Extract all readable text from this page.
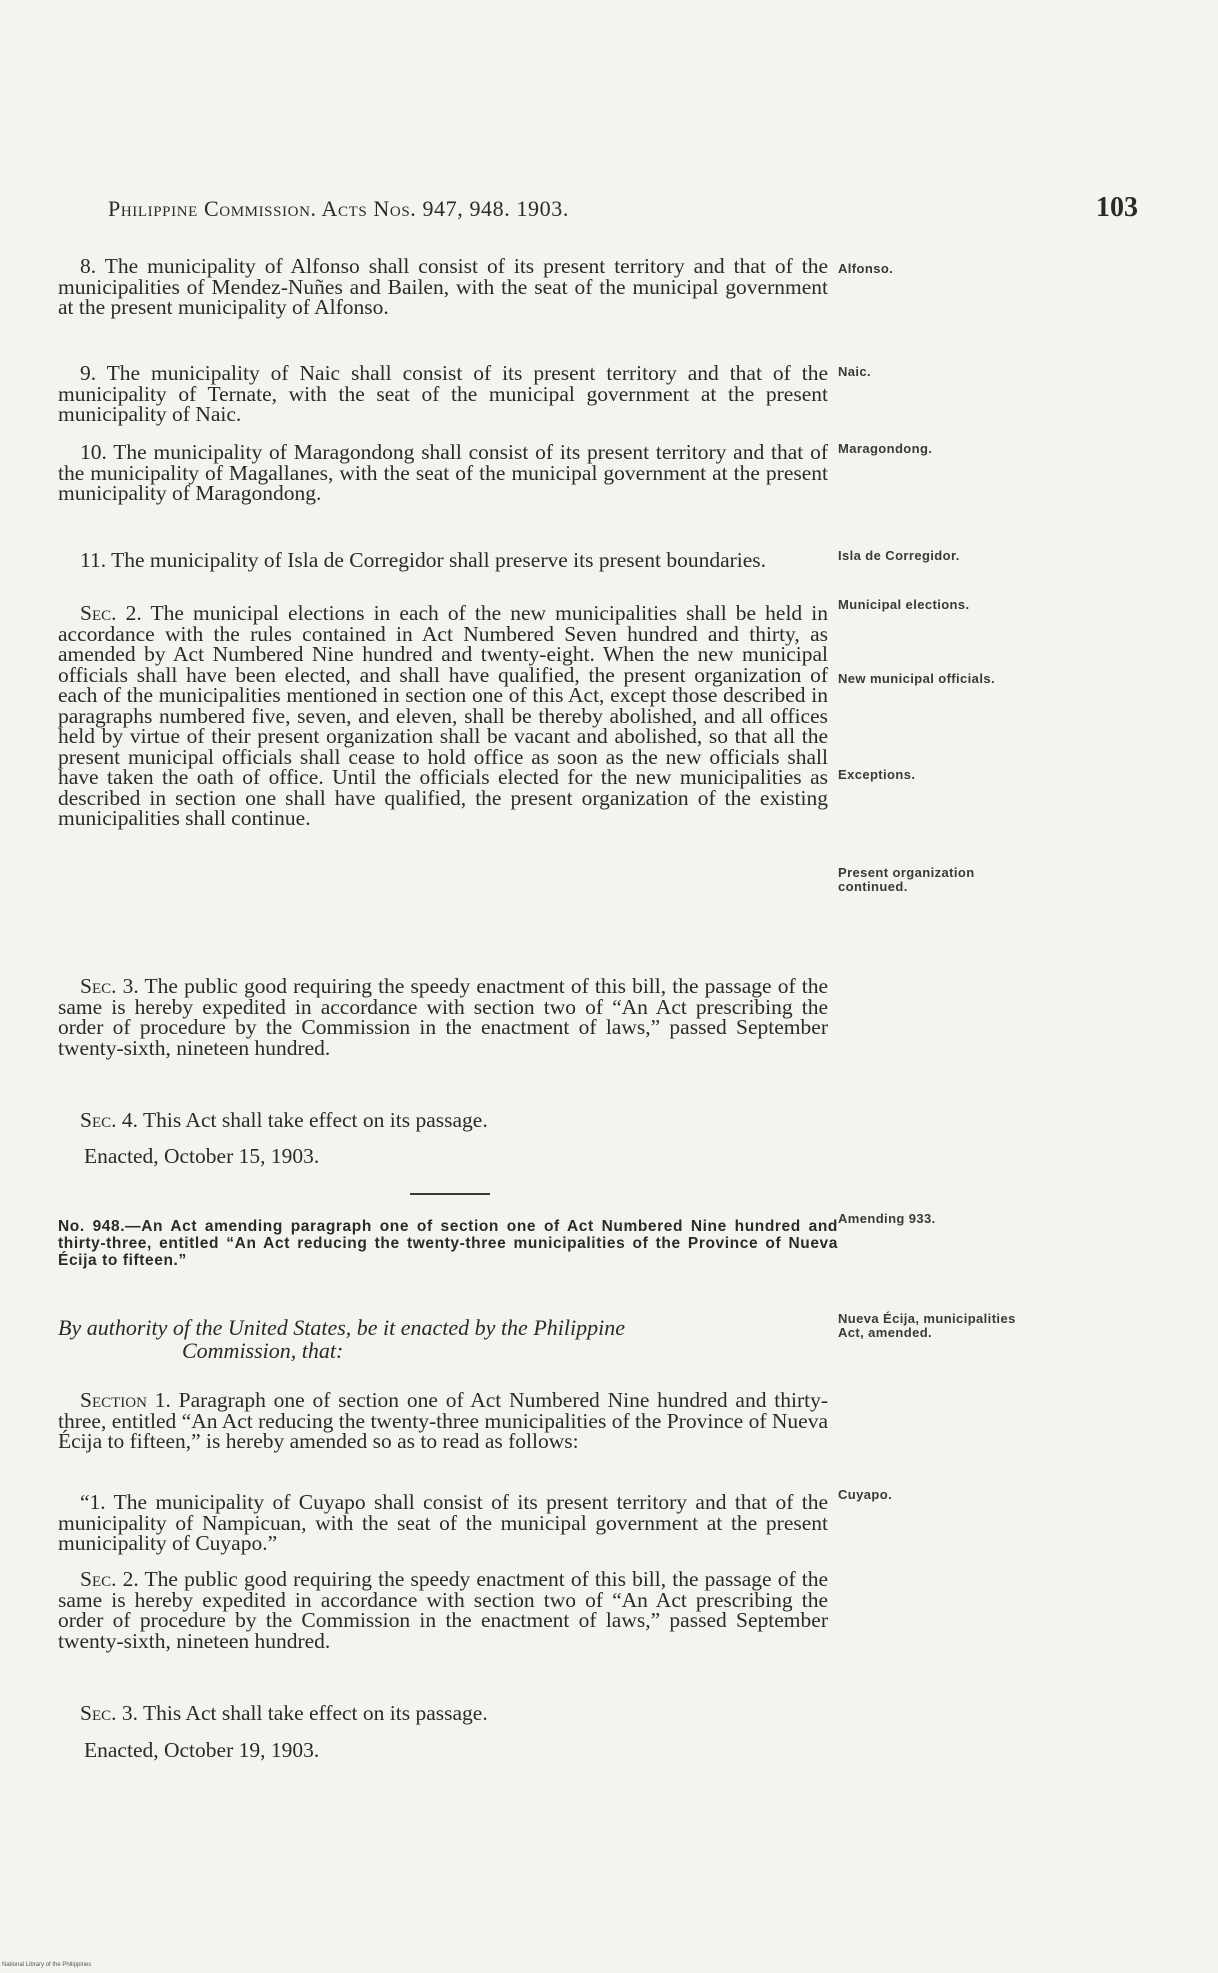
Philippine Commission. Acts Nos. 947, 948. 1903.	103

8. The municipality of Alfonso shall consist of its present territory and that of the municipalities of Mendez-Nuñes and Bailen, with the seat of the municipal government at the present municipality of Alfonso.

9. The municipality of Naic shall consist of its present territory and that of the municipality of Ternate, with the seat of the municipal government at the present municipality of Naic.

10. The municipality of Maragondong shall consist of its present territory and that of the municipality of Magallanes, with the seat of the municipal government at the present municipality of Maragondong.

11. The municipality of Isla de Corregidor shall preserve its present boundaries.

Sec. 2. The municipal elections in each of the new municipalities shall be held in accordance with the rules contained in Act Numbered Seven hundred and thirty, as amended by Act Numbered Nine hundred and twenty-eight. When the new municipal officials shall have been elected, and shall have qualified, the present organization of each of the municipalities mentioned in section one of this Act, except those described in paragraphs numbered five, seven, and eleven, shall be thereby abolished, and all offices held by virtue of their present organization shall be vacant and abolished, so that all the present municipal officials shall cease to hold office as soon as the new officials shall have taken the oath of office. Until the officials elected for the new municipalities as described in section one shall have qualified, the present organization of the existing municipalities shall continue.

Sec. 3. The public good requiring the speedy enactment of this bill, the passage of the same is hereby expedited in accordance with section two of “An Act prescribing the order of procedure by the Commission in the enactment of laws,” passed September twenty-sixth, nineteen hundred.

Sec. 4. This Act shall take effect on its passage.

Enacted, October 15, 1903.
No. 948.—An Act amending paragraph one of section one of Act Numbered Nine hundred and thirty-three, entitled “An Act reducing the twenty-three municipalities of the Province of Nueva Écija to fifteen.”
By authority of the United States, be it enacted by the Philippine
Commission, that:

Section 1. Paragraph one of section one of Act Numbered Nine hundred and thirty-three, entitled “An Act reducing the twenty-three municipalities of the Province of Nueva Écija to fifteen,” is hereby amended so as to read as follows:

“1. The municipality of Cuyapo shall consist of its present territory and that of the municipality of Nampicuan, with the seat of the municipal government at the present municipality of Cuyapo.”

Sec. 2. The public good requiring the speedy enactment of this bill, the passage of the same is hereby expedited in accordance with section two of “An Act prescribing the order of procedure by the Commission in the enactment of laws,” passed September twenty-sixth, nineteen hundred.

Sec. 3. This Act shall take effect on its passage.

Enacted, October 19, 1903.
Alfonso.
Naic.
Maragondong.
Isla de Corregidor.
Municipal elections.
New municipal officials.
Exceptions.
Present organization continued.
Amending 933.
Nueva Écija, municipalities Act, amended.
Cuyapo.
National Library of the Philippines
